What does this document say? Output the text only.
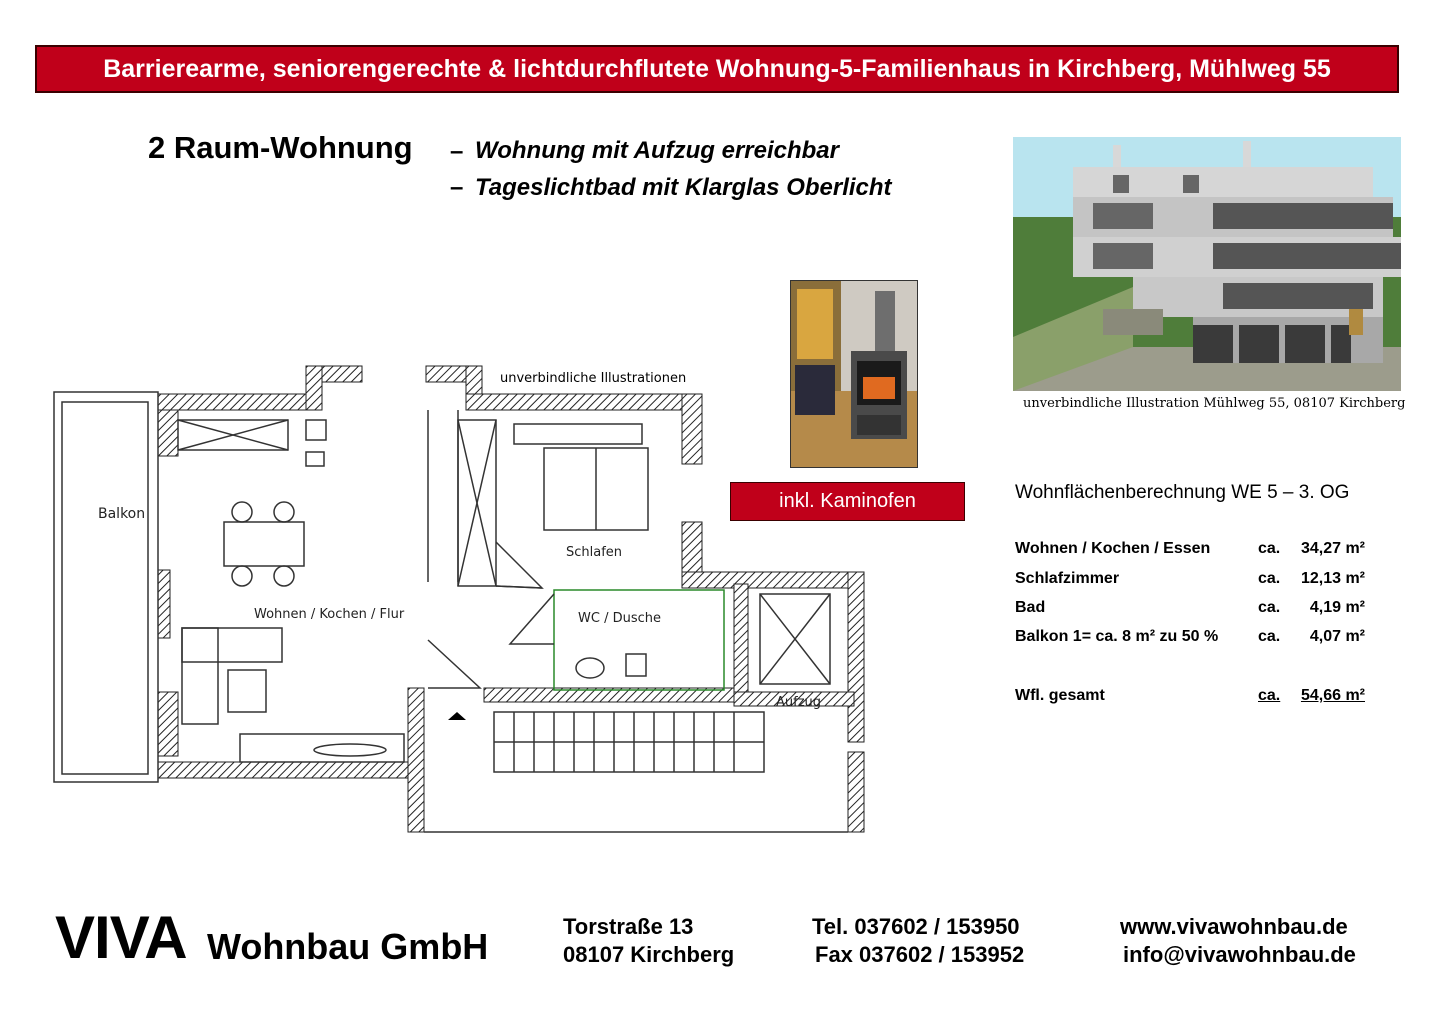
Barrierearme, seniorengerechte & lichtdurchflutete Wohnung-5-Familienhaus in Kirchberg, Mühlweg 55
2 Raum-Wohnung – Wohnung mit Aufzug erreichbar
– Tageslichtbad mit Klarglas Oberlicht
unverbindliche Illustrationen
Balkon
Wohnen / Kochen / Flur
Schlafen
WC / Dusche
Aufzug
inkl. Kaminofen
unverbindliche Illustration Mühlweg 55, 08107 Kirchberg
Wohnflächenberechnung WE 5 – 3. OG
Wohnen / Kochen / Essen	ca. 34,27 m²
Schlafzimmer	ca. 12,13 m²
Bad	ca. 4,19 m²
Balkon 1= ca. 8 m² zu 50 % ca. 4,07 m²
Wfl. gesamt	ca. 54,66 m²
VIVA Wohnbau GmbH	Torstraße 13
08107 Kirchberg
Tel. 037602 / 153950
Fax 037602 / 153952
www.vivawohnbau.de
info@vivawohnbau.de
